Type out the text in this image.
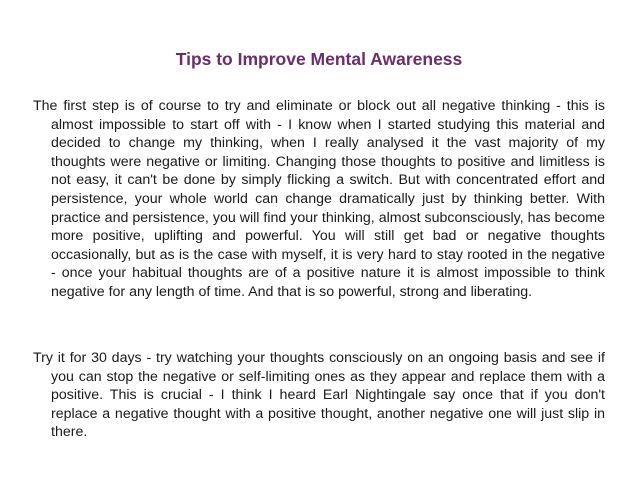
Tips to Improve Mental Awareness

The first step is of course to try and eliminate or block out all negative thinking - this is almost impossible to start off with - I know when I started studying this material and decided to change my thinking, when I really analysed it the vast majority of my thoughts were negative or limiting. Changing those thoughts to positive and limitless is not easy, it can't be done by simply flicking a switch. But with concentrated effort and persistence, your whole world can change dramatically just by thinking better. With practice and persistence, you will find your thinking, almost subconsciously, has become more positive, uplifting and powerful. You will still get bad or negative thoughts occasionally, but as is the case with myself, it is very hard to stay rooted in the negative - once your habitual thoughts are of a positive nature it is almost impossible to think negative for any length of time. And that is so powerful, strong and liberating.

Try it for 30 days - try watching your thoughts consciously on an ongoing basis and see if you can stop the negative or self-limiting ones as they appear and replace them with a positive. This is crucial - I think I heard Earl Nightingale say once that if you don't replace a negative thought with a positive thought, another negative one will just slip in there.
